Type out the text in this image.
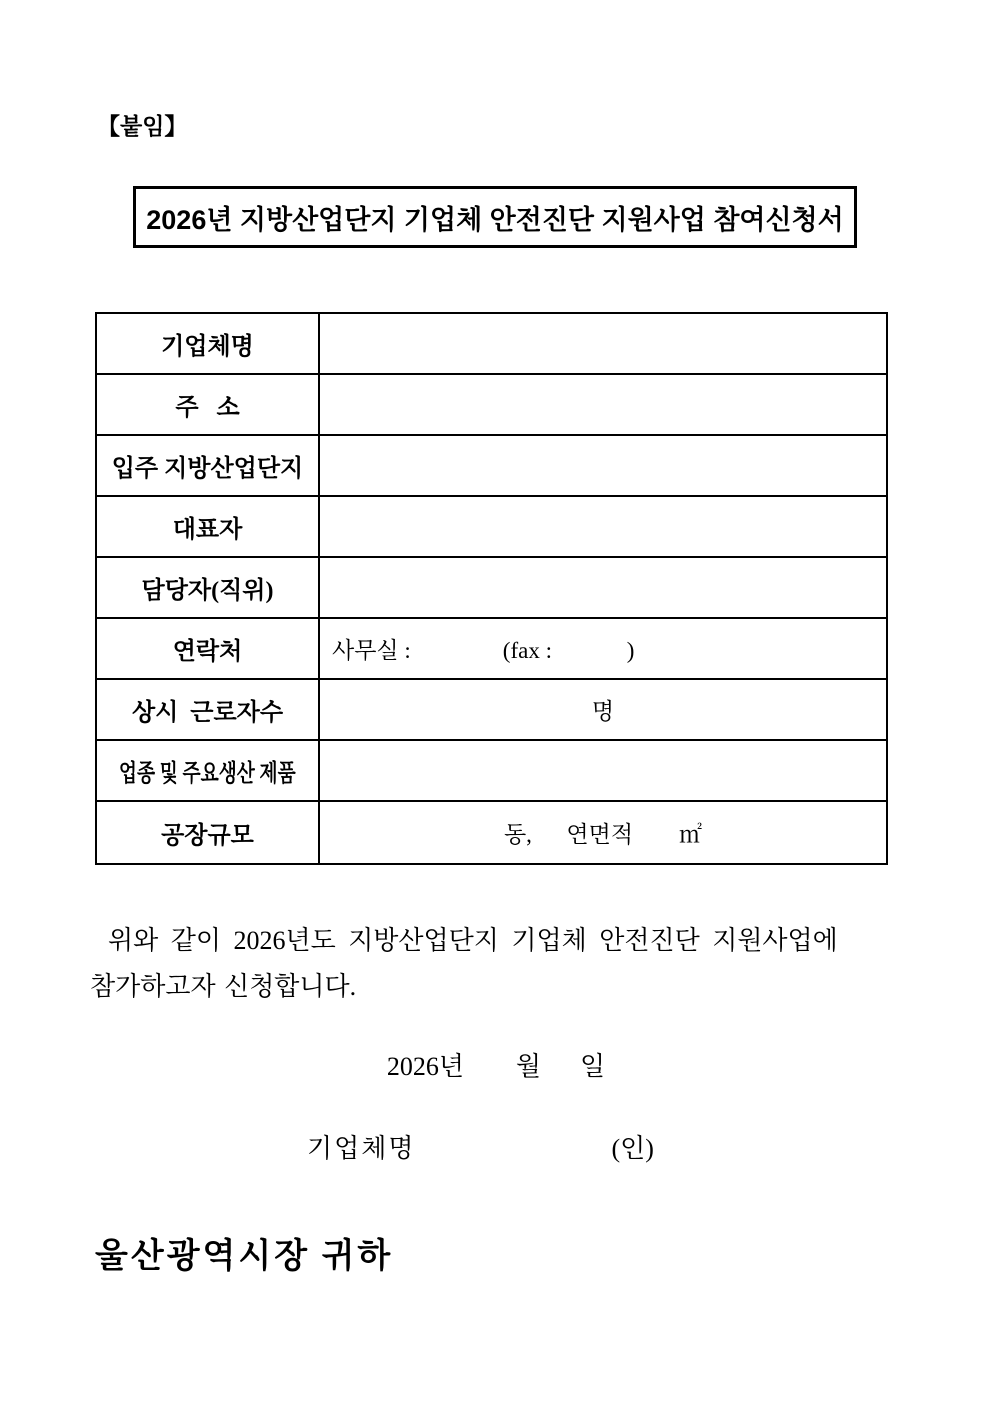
【붙임】
2026년 지방산업단지 기업체 안전진단 지원사업 참여신청서
기업체명
주   소
입주 지방산업단지
대표자
담당자(직위)
연락처	사무실 :                (fax :             )
상시  근로자수	명
업종 및 주요생산 제품
공장규모	동,      연면적        ㎡
위와 같이 2026년도 지방산업단지 기업체 안전진단 지원사업에
참가하고자 신청합니다.
2026년        월      일
기업체명	(인)
울산광역시장 귀하
